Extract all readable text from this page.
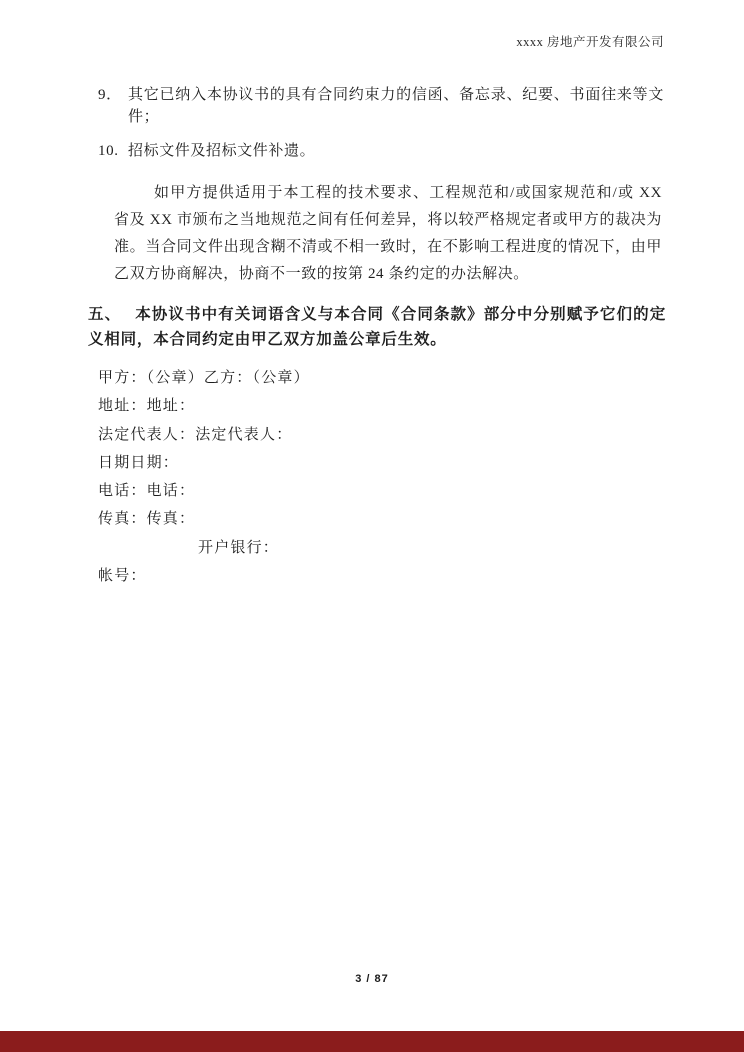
xxxx 房地产开发有限公司
9． 其它已纳入本协议书的具有合同约束力的信函、备忘录、纪要、书面往来等文件；
10. 招标文件及招标文件补遗。

如甲方提供适用于本工程的技术要求、工程规范和/或国家规范和/或 XX 省及 XX 市颁布之当地规范之间有任何差异，将以较严格规定者或甲方的裁决为准。当合同文件出现含糊不清或不相一致时，在不影响工程进度的情况下，由甲乙双方协商解决，协商不一致的按第 24 条约定的办法解决。

五、 本协议书中有关词语含义与本合同《合同条款》部分中分别赋予它们的定义相同，本合同约定由甲乙双方加盖公章后生效。

甲方：（公章）乙方：（公章）
地址：地址：
法定代表人：法定代表人：
日期日期：
电话：电话：
传真：传真：
开户银行：
帐号：
3 / 87
